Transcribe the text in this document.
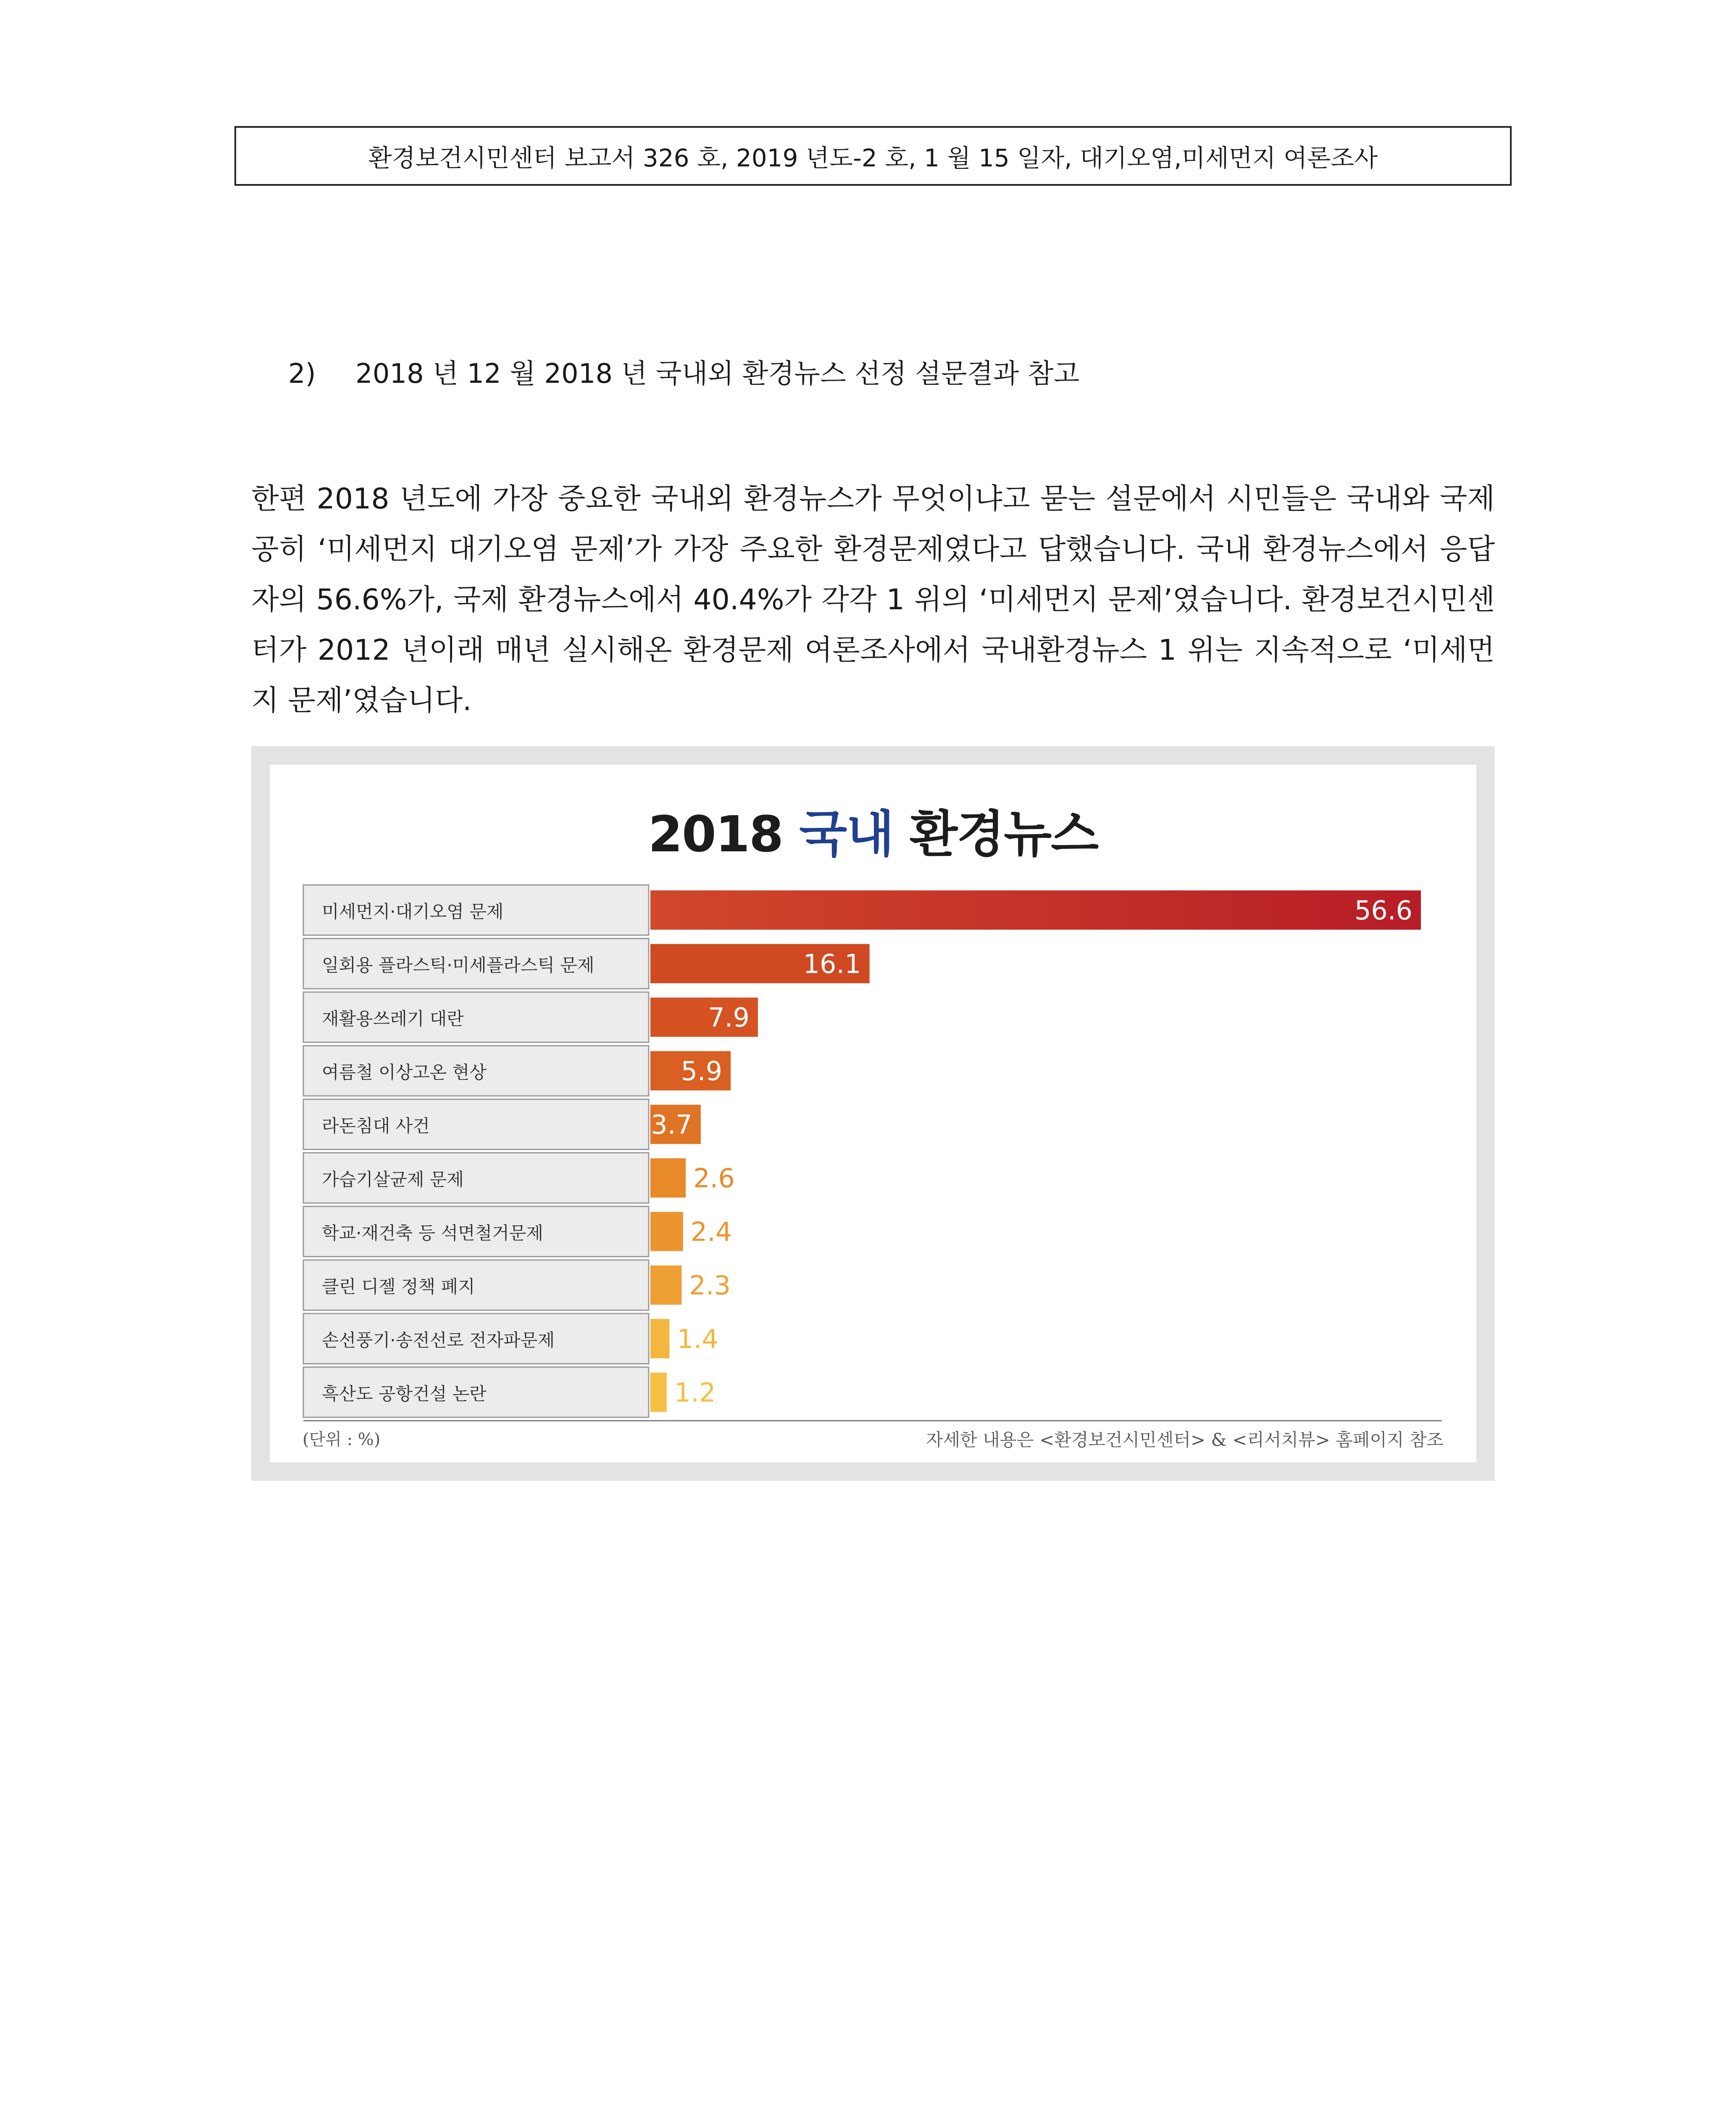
환경보건시민센터 보고서 326 호, 2019 년도-2 호, 1 월 15 일자, 대기오염,미세먼지 여론조사
2) 2018 년 12 월 2018 년 국내외 환경뉴스 선정 설문결과 참고

한편 2018 년도에 가장 중요한 국내외 환경뉴스가 무엇이냐고 묻는 설문에서 시민들은 국내와 국제 공히 ‘미세먼지 대기오염 문제’가 가장 주요한 환경문제였다고 답했습니다. 국내 환경뉴스에서 응답자의 56.6%가, 국제 환경뉴스에서 40.4%가 각각 1 위의 ‘미세먼지 문제’였습니다. 환경보건시민센터가 2012 년이래 매년 실시해온 환경문제 여론조사에서 국내환경뉴스 1 위는 지속적으로 ‘미세먼지 문제’였습니다.

2018 국내 환경뉴스
미세먼지·대기오염 문제	56.6
일회용 플라스틱·미세플라스틱 문제	16.1
재활용쓰레기 대란	7.9
여름철 이상고온 현상	5.9
라돈침대 사건	3.7
가습기살균제 문제	2.6
학교·재건축 등 석면철거문제	2.4
클린 디젤 정책 폐지	2.3
손선풍기·송전선로 전자파문제	1.4
흑산도 공항건설 논란	1.2
(단위 : %)	자세한 내용은 <환경보건시민센터> & <리서치뷰> 홈페이지 참조
